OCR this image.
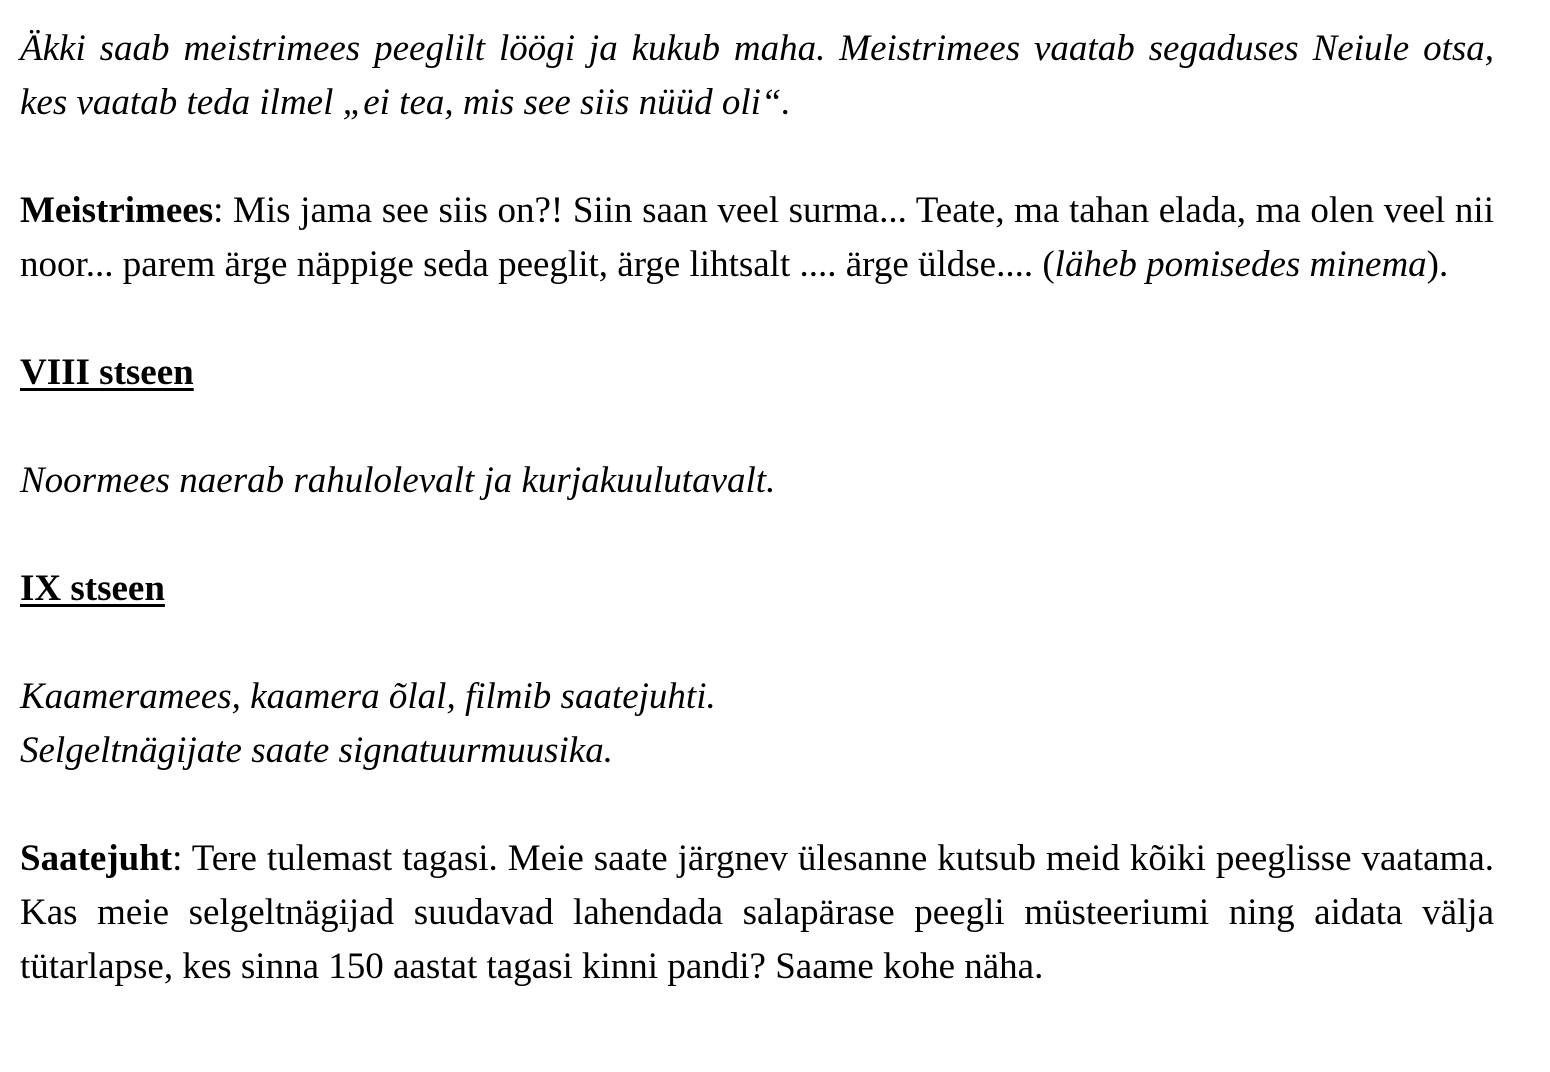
Äkki saab meistrimees peeglilt löögi ja kukub maha. Meistrimees vaatab segaduses Neiule otsa, kes vaatab teda ilmel „ei tea, mis see siis nüüd oli“.

Meistrimees: Mis jama see siis on?! Siin saan veel surma... Teate, ma tahan elada, ma olen veel nii noor... parem ärge näppige seda peeglit, ärge lihtsalt .... ärge üldse.... (läheb pomisedes minema).

VIII stseen

Noormees naerab rahulolevalt ja kurjakuulutavalt.

IX stseen

Kaameramees, kaamera õlal, filmib saatejuhti.

Selgeltnägijate saate signatuurmuusika.

Saatejuht: Tere tulemast tagasi. Meie saate järgnev ülesanne kutsub meid kõiki peeglisse vaatama. Kas meie selgeltnägijad suudavad lahendada salapärase peegli müsteeriumi ning aidata välja tütarlapse, kes sinna 150 aastat tagasi kinni pandi? Saame kohe näha.
